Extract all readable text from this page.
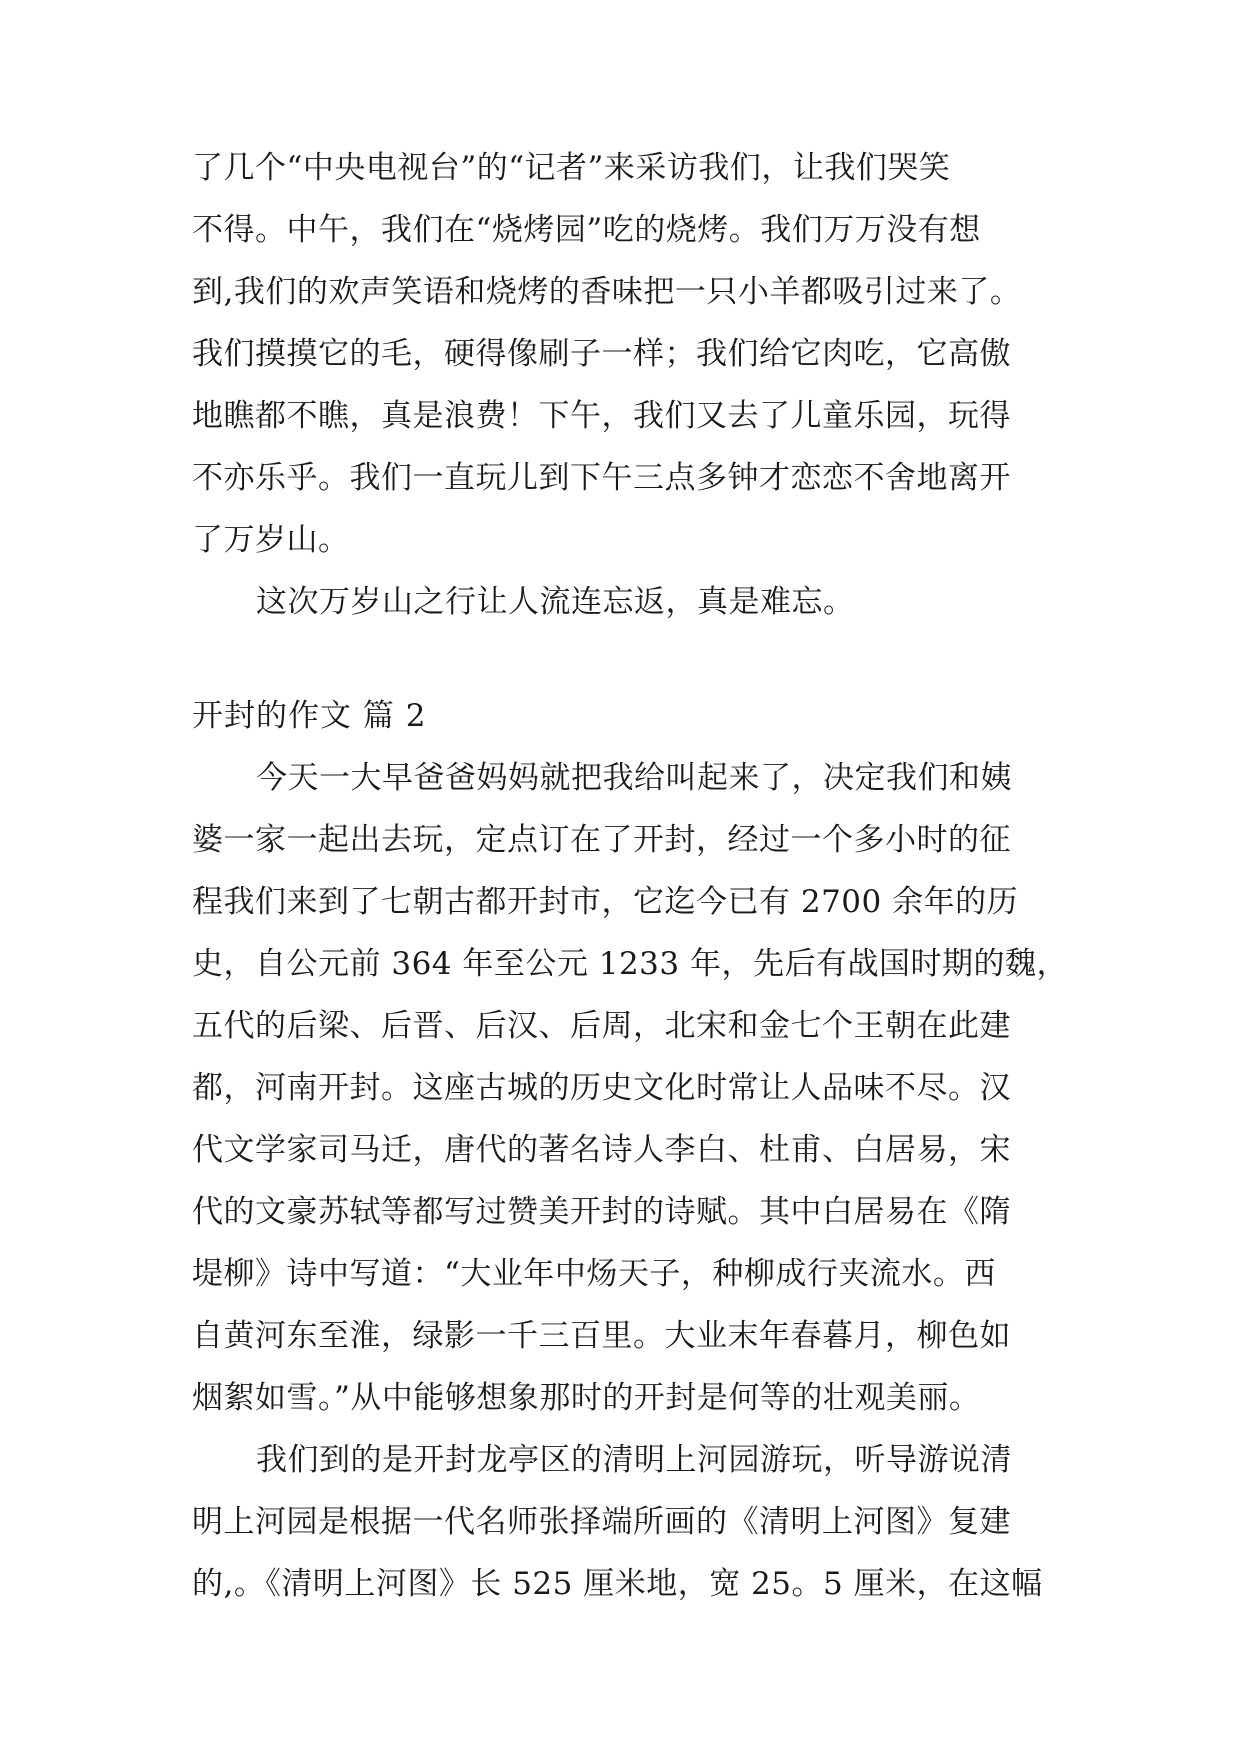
了几个“中央电视台”的“记者”来采访我们，让我们哭笑
不得。中午，我们在“烧烤园”吃的烧烤。我们万万没有想
到,我们的欢声笑语和烧烤的香味把一只小羊都吸引过来了。
我们摸摸它的毛，硬得像刷子一样；我们给它肉吃，它高傲
地瞧都不瞧，真是浪费！下午，我们又去了儿童乐园，玩得
不亦乐乎。我们一直玩儿到下午三点多钟才恋恋不舍地离开
了万岁山。
这次万岁山之行让人流连忘返，真是难忘。
开封的作文 篇 2
今天一大早爸爸妈妈就把我给叫起来了，决定我们和姨
婆一家一起出去玩，定点订在了开封，经过一个多小时的征
程我们来到了七朝古都开封市，它迄今已有 2700 余年的历
史，自公元前 364 年至公元 1233 年，先后有战国时期的魏，
五代的后梁、后晋、后汉、后周，北宋和金七个王朝在此建
都，河南开封。这座古城的历史文化时常让人品味不尽。汉
代文学家司马迁，唐代的著名诗人李白、杜甫、白居易，宋
代的文豪苏轼等都写过赞美开封的诗赋。其中白居易在《隋
堤柳》诗中写道：“大业年中炀天子，种柳成行夹流水。西
自黄河东至淮，绿影一千三百里。大业末年春暮月，柳色如
烟絮如雪。”从中能够想象那时的开封是何等的壮观美丽。
我们到的是开封龙亭区的清明上河园游玩，听导游说清
明上河园是根据一代名师张择端所画的《清明上河图》复建
的,。《清明上河图》长 525 厘米地，宽 25。5 厘米，在这幅
